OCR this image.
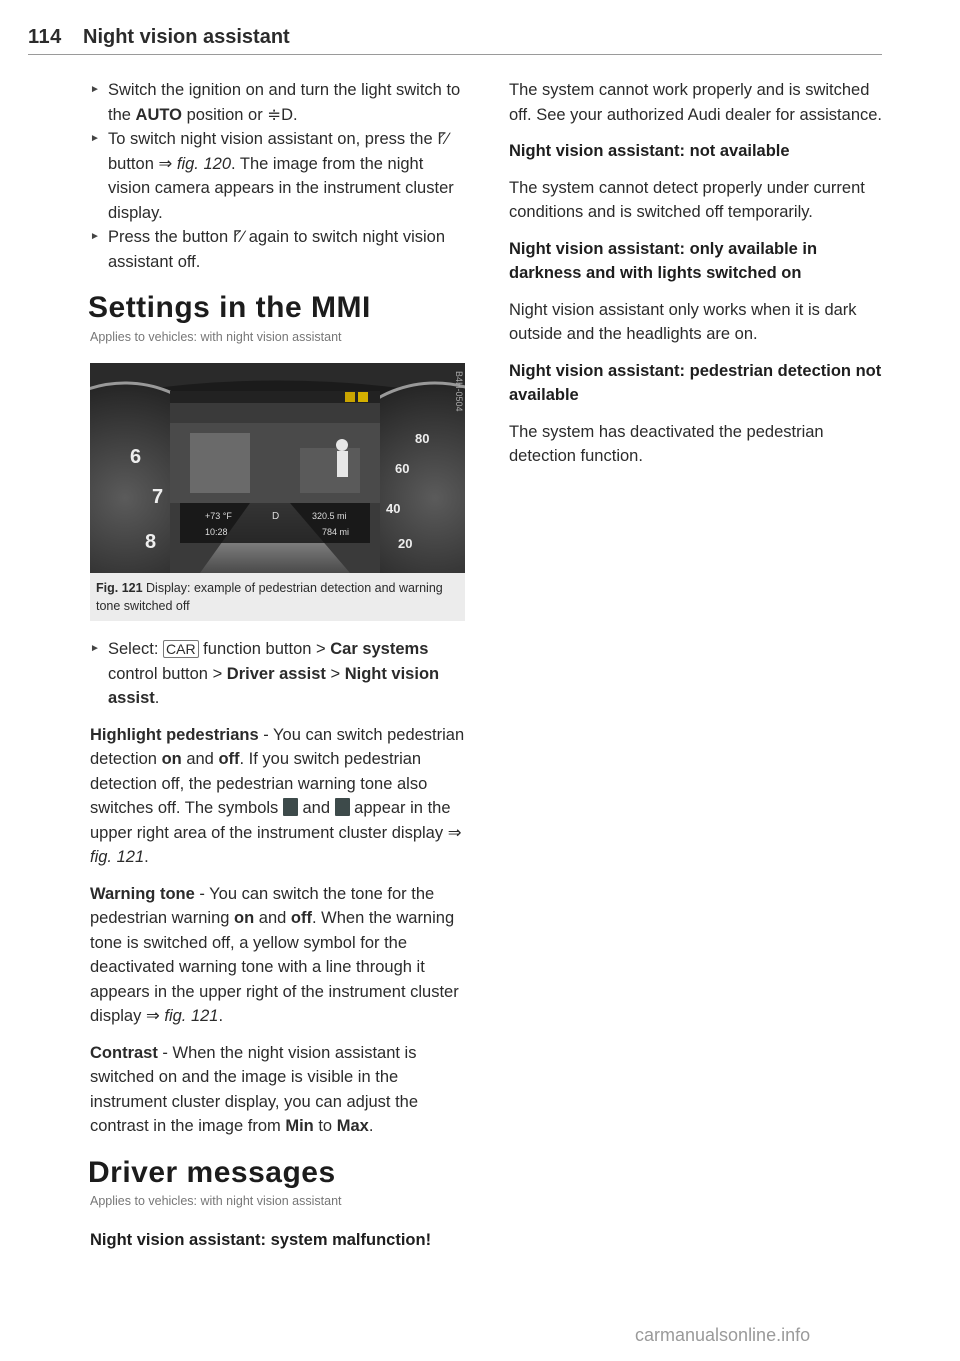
114 Night vision assistant

► Switch the ignition on and turn the light switch to the AUTO position or ≑D.

► To switch night vision assistant on, press the ⹍∕ button ⇒ fig. 120. The image from the night vision camera appears in the instrument cluster display.

► Press the button ⹍∕ again to switch night vision assistant off.

Settings in the MMI
Applies to vehicles: with night vision assistant
+73 °F
10:28
D	320.5 mi
784 mi
6
7
8
80
60
40
20
B4H-0504
Fig. 121 Display: example of pedestrian detection and warning tone switched off

► Select: CAR function button > Car systems control button > Driver assist > Night vision assist.

Highlight pedestrians - You can switch pedestrian detection on and off. If you switch pedestrian detection off, the pedestrian warning tone also switches off. The symbols  and  appear in the upper right area of the instrument cluster display ⇒ fig. 121.

Warning tone - You can switch the tone for the pedestrian warning on and off. When the warning tone is switched off, a yellow symbol for the deactivated warning tone with a line through it appears in the upper right of the instrument cluster display ⇒ fig. 121.

Contrast - When the night vision assistant is switched on and the image is visible in the instrument cluster display, you can adjust the contrast in the image from Min to Max.

Driver messages
Applies to vehicles: with night vision assistant

Night vision assistant: system malfunction!

The system cannot work properly and is switched off. See your authorized Audi dealer for assistance.

Night vision assistant: not available

The system cannot detect properly under current conditions and is switched off temporarily.

Night vision assistant: only available in darkness and with lights switched on

Night vision assistant only works when it is dark outside and the headlights are on.

Night vision assistant: pedestrian detection not available

The system has deactivated the pedestrian detection function.

carmanualsonline.info
